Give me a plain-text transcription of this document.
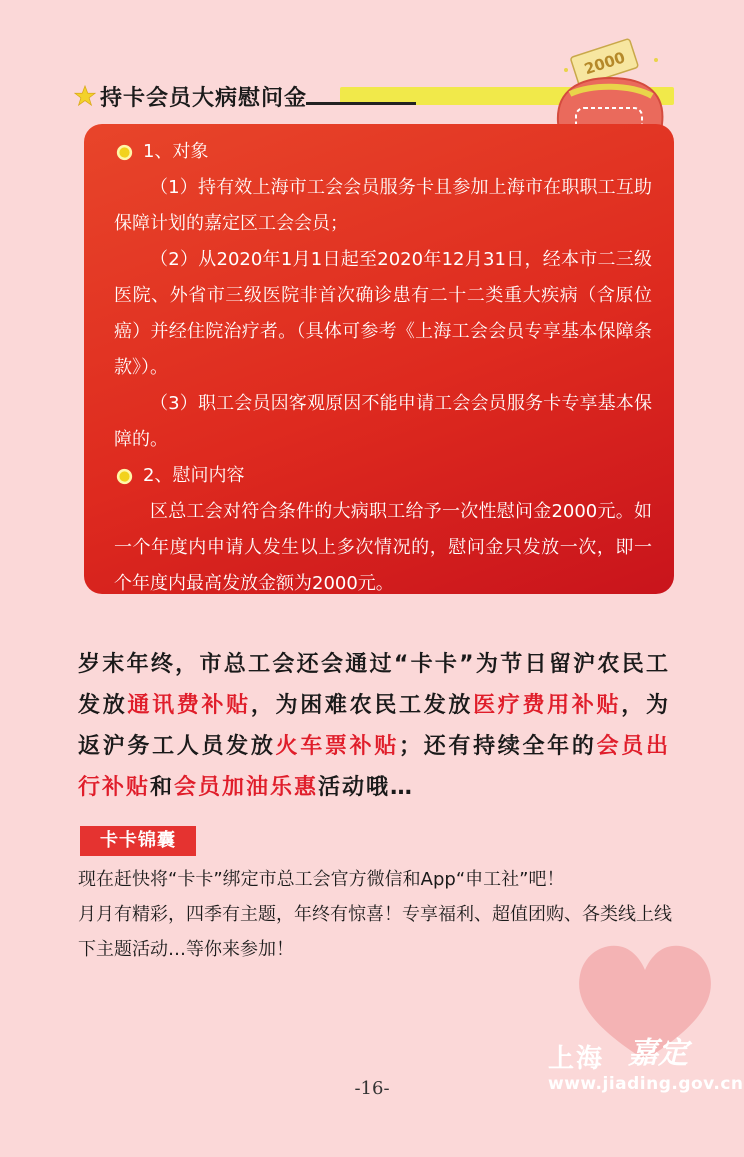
持卡会员大病慰问金
2000
1、对象

（1）持有效上海市工会会员服务卡且参加上海市在职职工互助保障计划的嘉定区工会会员；

（2）从2020年1月1日起至2020年12月31日，经本市二三级医院、外省市三级医院非首次确诊患有二十二类重大疾病（含原位癌）并经住院治疗者。（具体可参考《上海工会会员专享基本保障条款》）。

（3）职工会员因客观原因不能申请工会会员服务卡专享基本保障的。

2、慰问内容

区总工会对符合条件的大病职工给予一次性慰问金2000元。如一个年度内申请人发生以上多次情况的，慰问金只发放一次，即一个年度内最高发放金额为2000元。

岁末年终，市总工会还会通过“卡卡”为节日留沪农民工发放通讯费补贴，为困难农民工发放医疗费用补贴，为返沪务工人员发放火车票补贴；还有持续全年的会员出行补贴和会员加油乐惠活动哦…
卡卡锦囊

现在赶快将“卡卡”绑定市总工会官方微信和App“申工社”吧！

月月有精彩，四季有主题，年终有惊喜！专享福利、超值团购、各类线上线下主题活动…等你来参加！

上海 嘉定
www.jiading.gov.cn
-16-
